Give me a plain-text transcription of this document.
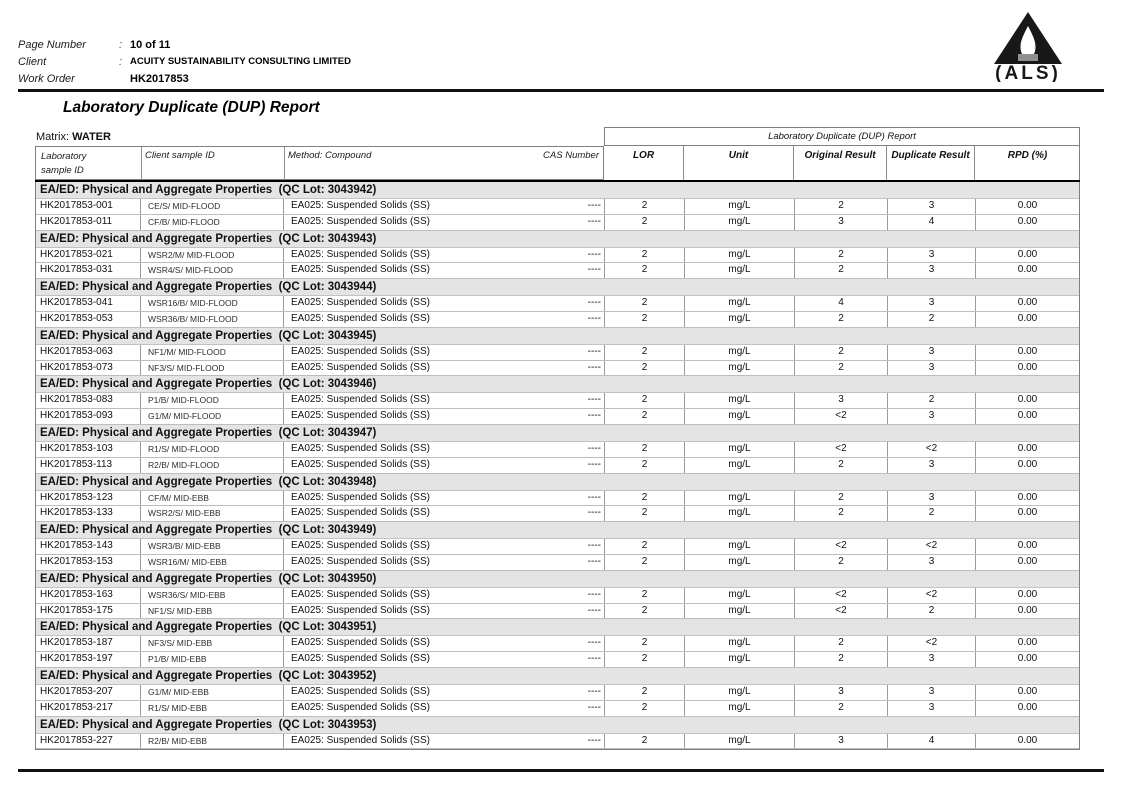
Page Number	: 10 of 11
Client	: ACUITY SUSTAINABILITY CONSULTING LIMITED
Work Order	HK2017853	(ALS)
Laboratory Duplicate (DUP) Report
Matrix: WATER
Laboratory
sample ID
Client sample ID	Method: Compound	CAS Number
Laboratory Duplicate (DUP) Report
LOR	Unit	Original Result	Duplicate Result	RPD (%)
EA/ED: Physical and Aggregate Properties  (QC Lot: 3043942)
HK2017853-001	CE/S/ MID-FLOOD	EA025: Suspended Solids (SS)	----	2	mg/L	2	3	0.00
HK2017853-011	CF/B/ MID-FLOOD	EA025: Suspended Solids (SS)	----	2	mg/L	3	4	0.00
EA/ED: Physical and Aggregate Properties  (QC Lot: 3043943)
HK2017853-021	WSR2/M/ MID-FLOOD	EA025: Suspended Solids (SS)	----	2	mg/L	2	3	0.00
HK2017853-031	WSR4/S/ MID-FLOOD	EA025: Suspended Solids (SS)	----	2	mg/L	2	3	0.00
EA/ED: Physical and Aggregate Properties  (QC Lot: 3043944)
HK2017853-041	WSR16/B/ MID-FLOOD	EA025: Suspended Solids (SS)	----	2	mg/L	4	3	0.00
HK2017853-053	WSR36/B/ MID-FLOOD	EA025: Suspended Solids (SS)	----	2	mg/L	2	2	0.00
EA/ED: Physical and Aggregate Properties  (QC Lot: 3043945)
HK2017853-063	NF1/M/ MID-FLOOD	EA025: Suspended Solids (SS)	----	2	mg/L	2	3	0.00
HK2017853-073	NF3/S/ MID-FLOOD	EA025: Suspended Solids (SS)	----	2	mg/L	2	3	0.00
EA/ED: Physical and Aggregate Properties  (QC Lot: 3043946)
HK2017853-083	P1/B/ MID-FLOOD	EA025: Suspended Solids (SS)	----	2	mg/L	3	2	0.00
HK2017853-093	G1/M/ MID-FLOOD	EA025: Suspended Solids (SS)	----	2	mg/L	<2	3	0.00
EA/ED: Physical and Aggregate Properties  (QC Lot: 3043947)
HK2017853-103	R1/S/ MID-FLOOD	EA025: Suspended Solids (SS)	----	2	mg/L	<2	<2	0.00
HK2017853-113	R2/B/ MID-FLOOD	EA025: Suspended Solids (SS)	----	2	mg/L	2	3	0.00
EA/ED: Physical and Aggregate Properties  (QC Lot: 3043948)
HK2017853-123	CF/M/ MID-EBB	EA025: Suspended Solids (SS)	----	2	mg/L	2	3	0.00
HK2017853-133	WSR2/S/ MID-EBB	EA025: Suspended Solids (SS)	----	2	mg/L	2	2	0.00
EA/ED: Physical and Aggregate Properties  (QC Lot: 3043949)
HK2017853-143	WSR3/B/ MID-EBB	EA025: Suspended Solids (SS)	----	2	mg/L	<2	<2	0.00
HK2017853-153	WSR16/M/ MID-EBB	EA025: Suspended Solids (SS)	----	2	mg/L	2	3	0.00
EA/ED: Physical and Aggregate Properties  (QC Lot: 3043950)
HK2017853-163	WSR36/S/ MID-EBB	EA025: Suspended Solids (SS)	----	2	mg/L	<2	<2	0.00
HK2017853-175	NF1/S/ MID-EBB	EA025: Suspended Solids (SS)	----	2	mg/L	<2	2	0.00
EA/ED: Physical and Aggregate Properties  (QC Lot: 3043951)
HK2017853-187	NF3/S/ MID-EBB	EA025: Suspended Solids (SS)	----	2	mg/L	2	<2	0.00
HK2017853-197	P1/B/ MID-EBB	EA025: Suspended Solids (SS)	----	2	mg/L	2	3	0.00
EA/ED: Physical and Aggregate Properties  (QC Lot: 3043952)
HK2017853-207	G1/M/ MID-EBB	EA025: Suspended Solids (SS)	----	2	mg/L	3	3	0.00
HK2017853-217	R1/S/ MID-EBB	EA025: Suspended Solids (SS)	----	2	mg/L	2	3	0.00
EA/ED: Physical and Aggregate Properties  (QC Lot: 3043953)
HK2017853-227	R2/B/ MID-EBB	EA025: Suspended Solids (SS)	----	2	mg/L	3	4	0.00
